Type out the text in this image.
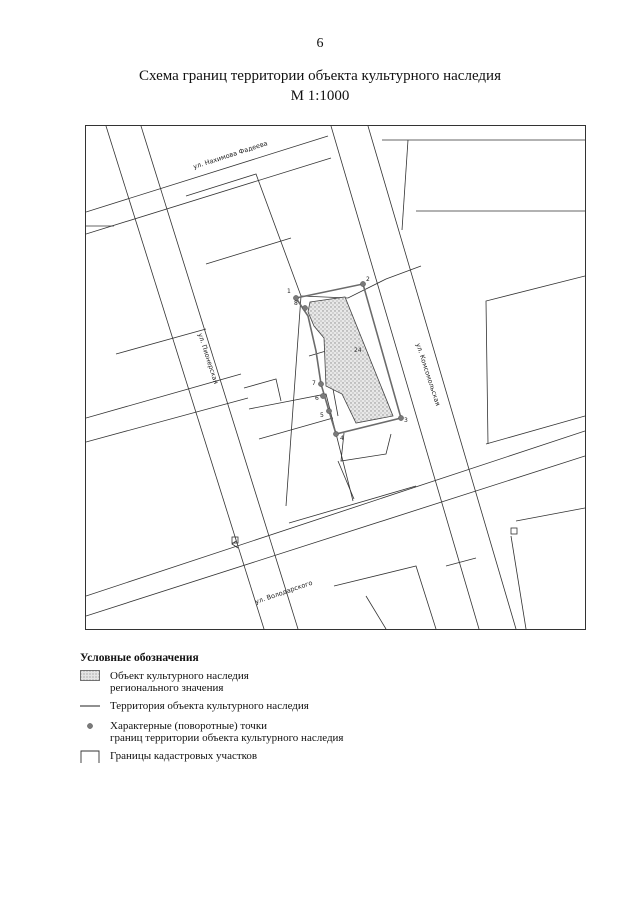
6
Схема границ территории объекта культурного наследия
М 1:1000
1
2
3
4
5
6
7
8
24
ул. Нахимова Фадеева
ул. Пионерская	ул. Комсомольская
ул. Володарского
Условные обозначения
Объект культурного наследия
регионального значения
Территория объекта культурного наследия
Характерные (поворотные) точки
границ территории объекта культурного наследия
Границы кадастровых участков
